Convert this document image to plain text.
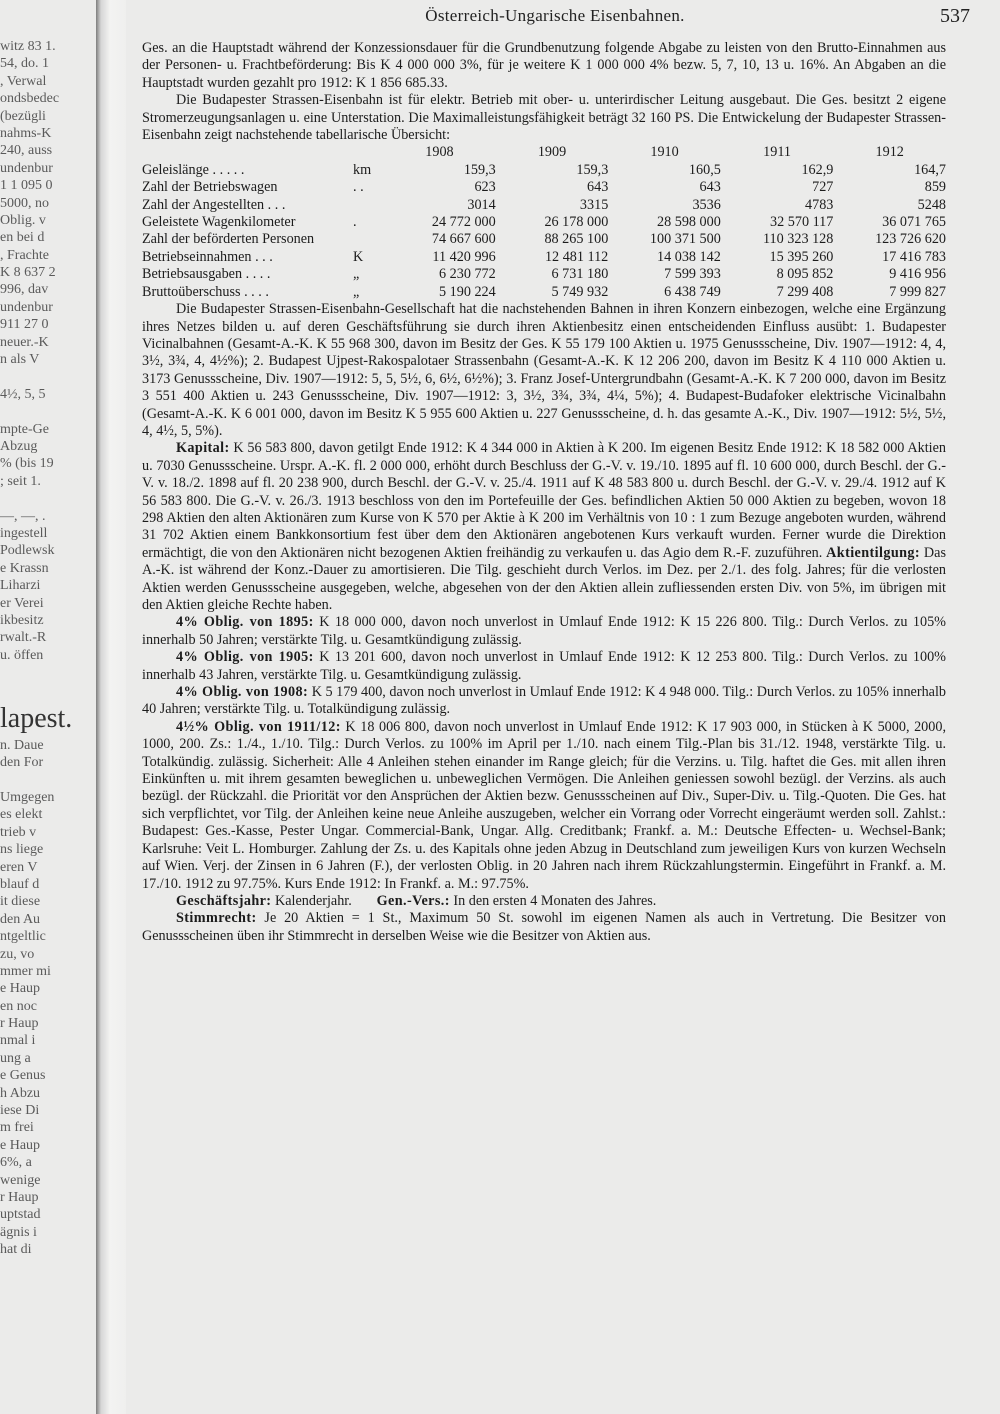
witz 83 1.
54, do. 1
, Verwal
ondsbedec
(bezügli
nahms-K
240, auss
undenbur
1 1 095 0
5000, no
Oblig. v
en bei d
, Frachte
K 8 637 2
996, dav
undenbur
911 27 0
neuer.-K
n als V

4½, 5, 5

mpte-Ge
Abzug
% (bis 19
; seit 1.

—, —, .
ingestell
Podlewsk
e Krassn
Liharzi
er Verei
ikbesitz
rwalt.-R
u. öffen

lapest.
n. Daue
den For

Umgegen
es elekt
trieb v
ns liege
eren V
blauf d
it diese
den Au
ntgeltlic
zu, vo
mmer mi
e Haup
en noc
r Haup
nmal i
ung a
e Genus
h Abzu
iese Di
m frei
e Haup
6%, a
wenige
r Haup
uptstad
ägnis i
hat di
Österreich-Ungarische Eisenbahnen.	537

Ges. an die Hauptstadt während der Konzessionsdauer für die Grundbenutzung folgende Abgabe zu leisten von den Brutto-Einnahmen aus der Personen- u. Frachtbeförderung: Bis K 4 000 000 3%, für je weitere K 1 000 000 4% bezw. 5, 7, 10, 13 u. 16%. An Abgaben an die Hauptstadt wurden gezahlt pro 1912: K 1 856 685.33.

Die Budapester Strassen-Eisenbahn ist für elektr. Betrieb mit ober- u. unterirdischer Leitung ausgebaut. Die Ges. besitzt 2 eigene Stromerzeugungsanlagen u. eine Unterstation. Die Maximalleistungsfähigkeit beträgt 32 160 PS. Die Entwickelung der Budapester Strassen-Eisenbahn zeigt nachstehende tabellarische Übersicht:

		1908	1909	1910	1911	1912
Geleislänge . . . . .	km	159,3	159,3	160,5	162,9	164,7
Zahl der Betriebswagen	. .	623	643	643	727	859
Zahl der Angestellten . . .		3014	3315	3536	4783	5248
Geleistete Wagenkilometer	.	24 772 000	26 178 000	28 598 000	32 570 117	36 071 765
Zahl der beförderten Personen		74 667 600	88 265 100	100 371 500	110 323 128	123 726 620
Betriebseinnahmen . . .	K	11 420 996	12 481 112	14 038 142	15 395 260	17 416 783
Betriebsausgaben . . . .	„	6 230 772	6 731 180	7 599 393	8 095 852	9 416 956
Bruttoüberschuss . . . .	„	5 190 224	5 749 932	6 438 749	7 299 408	7 999 827

Die Budapester Strassen-Eisenbahn-Gesellschaft hat die nachstehenden Bahnen in ihren Konzern einbezogen, welche eine Ergänzung ihres Netzes bilden u. auf deren Geschäftsführung sie durch ihren Aktienbesitz einen entscheidenden Einfluss ausübt: 1. Budapester Vicinalbahnen (Gesamt-A.-K. K 55 968 300, davon im Besitz der Ges. K 55 179 100 Aktien u. 1975 Genussscheine, Div. 1907—1912: 4, 4, 3½, 3¾, 4, 4½%); 2. Budapest Ujpest-Rakospalotaer Strassenbahn (Gesamt-A.-K. K 12 206 200, davon im Besitz K 4 110 000 Aktien u. 3173 Genussscheine, Div. 1907—1912: 5, 5, 5½, 6, 6½, 6½%); 3. Franz Josef-Untergrundbahn (Gesamt-A.-K. K 7 200 000, davon im Besitz 3 551 400 Aktien u. 243 Genussscheine, Div. 1907—1912: 3, 3½, 3¾, 3¾, 4¼, 5%); 4. Budapest-Budafoker elektrische Vicinalbahn (Gesamt-A.-K. K 6 001 000, davon im Besitz K 5 955 600 Aktien u. 227 Genussscheine, d. h. das gesamte A.-K., Div. 1907—1912: 5½, 5½, 4, 4½, 5, 5%).

Kapital: K 56 583 800, davon getilgt Ende 1912: K 4 344 000 in Aktien à K 200. Im eigenen Besitz Ende 1912: K 18 582 000 Aktien u. 7030 Genussscheine. Urspr. A.-K. fl. 2 000 000, erhöht durch Beschluss der G.-V. v. 19./10. 1895 auf fl. 10 600 000, durch Beschl. der G.-V. v. 18./2. 1898 auf fl. 20 238 900, durch Beschl. der G.-V. v. 25./4. 1911 auf K 48 583 800 u. durch Beschl. der G.-V. v. 29./4. 1912 auf K 56 583 800. Die G.-V. v. 26./3. 1913 beschloss von den im Portefeuille der Ges. befindlichen Aktien 50 000 Aktien zu begeben, wovon 18 298 Aktien den alten Aktionären zum Kurse von K 570 per Aktie à K 200 im Verhältnis von 10 : 1 zum Bezuge angeboten wurden, während 31 702 Aktien einem Bankkonsortium fest über dem den Aktionären angebotenen Kurs verkauft wurden. Ferner wurde die Direktion ermächtigt, die von den Aktionären nicht bezogenen Aktien freihändig zu verkaufen u. das Agio dem R.-F. zuzuführen. Aktientilgung: Das A.-K. ist während der Konz.-Dauer zu amortisieren. Die Tilg. geschieht durch Verlos. im Dez. per 2./1. des folg. Jahres; für die verlosten Aktien werden Genussscheine ausgegeben, welche, abgesehen von der den Aktien allein zufliessenden ersten Div. von 5%, im übrigen mit den Aktien gleiche Rechte haben.

4% Oblig. von 1895: K 18 000 000, davon noch unverlost in Umlauf Ende 1912: K 15 226 800. Tilg.: Durch Verlos. zu 105% innerhalb 50 Jahren; verstärkte Tilg. u. Gesamtkündigung zulässig.

4% Oblig. von 1905: K 13 201 600, davon noch unverlost in Umlauf Ende 1912: K 12 253 800. Tilg.: Durch Verlos. zu 100% innerhalb 43 Jahren, verstärkte Tilg. u. Gesamtkündigung zulässig.

4% Oblig. von 1908: K 5 179 400, davon noch unverlost in Umlauf Ende 1912: K 4 948 000. Tilg.: Durch Verlos. zu 105% innerhalb 40 Jahren; verstärkte Tilg. u. Totalkündigung zulässig.

4½% Oblig. von 1911/12: K 18 006 800, davon noch unverlost in Umlauf Ende 1912: K 17 903 000, in Stücken à K 5000, 2000, 1000, 200. Zs.: 1./4., 1./10. Tilg.: Durch Verlos. zu 100% im April per 1./10. nach einem Tilg.-Plan bis 31./12. 1948, verstärkte Tilg. u. Totalkündig. zulässig. Sicherheit: Alle 4 Anleihen stehen einander im Range gleich; für die Verzins. u. Tilg. haftet die Ges. mit allen ihren Einkünften u. mit ihrem gesamten beweglichen u. unbeweglichen Vermögen. Die Anleihen geniessen sowohl bezügl. der Verzins. als auch bezügl. der Rückzahl. die Priorität vor den Ansprüchen der Aktien bezw. Genussscheinen auf Div., Super-Div. u. Tilg.-Quoten. Die Ges. hat sich verpflichtet, vor Tilg. der Anleihen keine neue Anleihe auszugeben, welcher ein Vorrang oder Vorrecht eingeräumt werden soll. Zahlst.: Budapest: Ges.-Kasse, Pester Ungar. Commercial-Bank, Ungar. Allg. Creditbank; Frankf. a. M.: Deutsche Effecten- u. Wechsel-Bank; Karlsruhe: Veit L. Homburger. Zahlung der Zs. u. des Kapitals ohne jeden Abzug in Deutschland zum jeweiligen Kurs von kurzen Wechseln auf Wien. Verj. der Zinsen in 6 Jahren (F.), der verlosten Oblig. in 20 Jahren nach ihrem Rückzahlungstermin. Eingeführt in Frankf. a. M. 17./10. 1912 zu 97.75%. Kurs Ende 1912: In Frankf. a. M.: 97.75%.

Geschäftsjahr: Kalenderjahr. Gen.-Vers.: In den ersten 4 Monaten des Jahres.

Stimmrecht: Je 20 Aktien = 1 St., Maximum 50 St. sowohl im eigenen Namen als auch in Vertretung. Die Besitzer von Genussscheinen üben ihr Stimmrecht in derselben Weise wie die Besitzer von Aktien aus.
